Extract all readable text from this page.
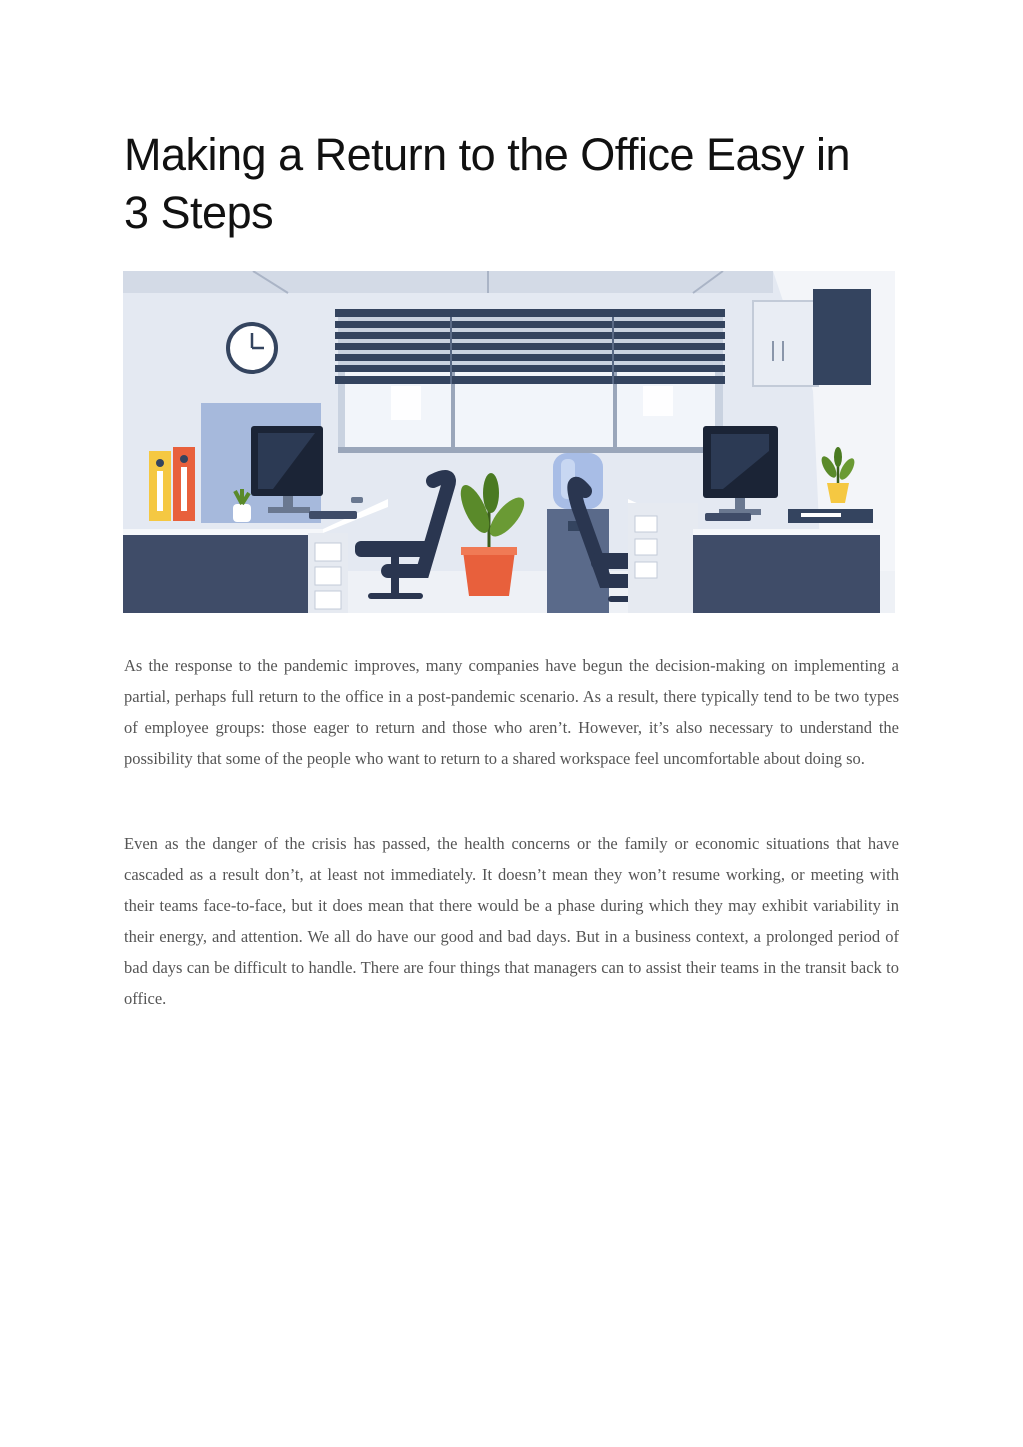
Making a Return to the Office Easy in 3 Steps

As the response to the pandemic improves, many companies have begun the decision-making on implementing a partial, perhaps full return to the office in a post-pandemic scenario. As a result, there typically tend to be two types of employee groups: those eager to return and those who aren’t. However, it’s also necessary to understand the possibility that some of the people who want to return to a shared workspace feel uncomfortable about doing so.

Even as the danger of the crisis has passed, the health concerns or the family or economic situations that have cascaded as a result don’t, at least not immediately. It doesn’t mean they won’t resume working, or meeting with their teams face-to-face, but it does mean that there would be a phase during which they may exhibit variability in their energy, and attention. We all do have our good and bad days. But in a business context, a prolonged period of bad days can be difficult to handle. There are four things that managers can to assist their teams in the transit back to office.
